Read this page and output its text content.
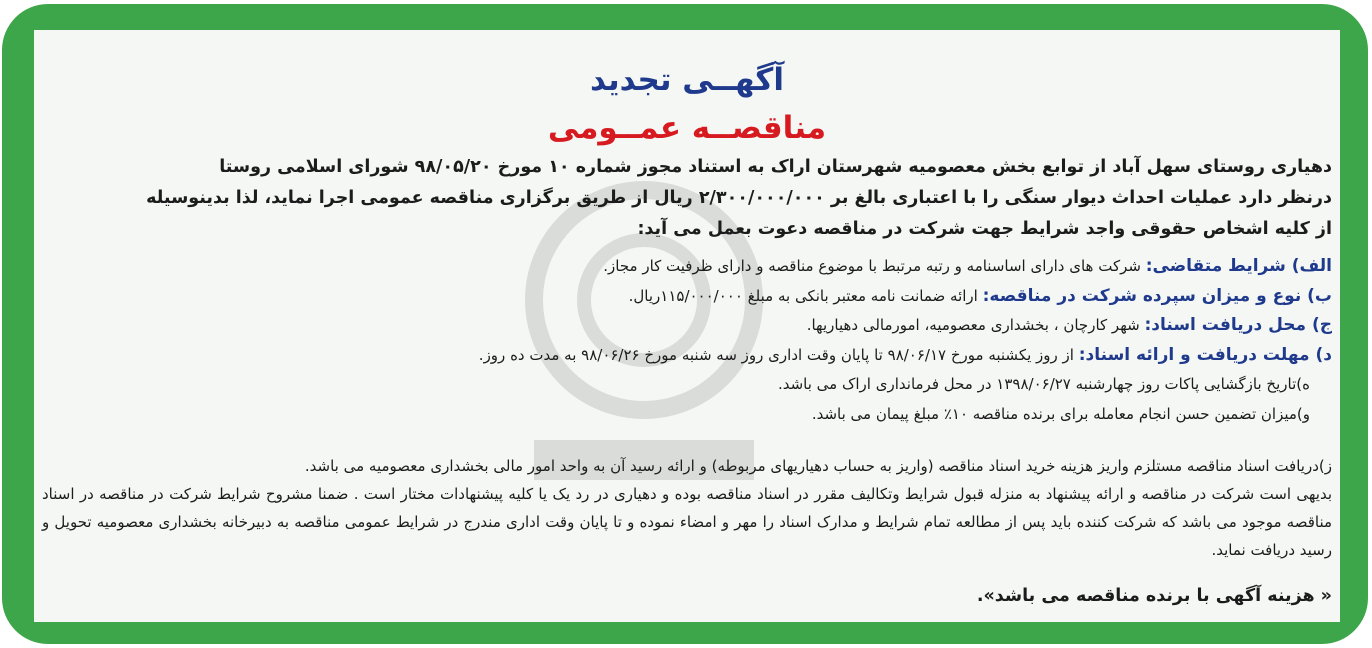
آگهــی تجدید
مناقصــه عمــومی
دهیاری روستای سهل آباد از توابع بخش معصومیه شهرستان اراک به استناد مجوز شماره ۱۰ مورخ ۹۸/۰۵/۲۰ شورای اسلامی روستا
درنظر دارد عملیات احداث دیوار سنگی را با اعتباری بالغ بر ۲/۳۰۰/۰۰۰/۰۰۰ ریال از طریق برگزاری مناقصه عمومی اجرا نماید، لذا بدینوسیله
از کلیه اشخاص حقوقی واجد شرایط جهت شرکت در مناقصه دعوت بعمل می آید:
الف) شرایط متقاضی: شرکت های دارای اساسنامه و رتبه مرتبط با موضوع مناقصه و دارای ظرفیت کار مجاز.
ب) نوع و میزان سپرده شرکت در مناقصه: ارائه ضمانت نامه معتبر بانکی به مبلغ ۱۱۵/۰۰۰/۰۰۰ریال.
ج) محل دریافت اسناد: شهر کارچان ، بخشداری معصومیه، امورمالی دهیاریها.
د) مهلت دریافت و ارائه اسناد: از روز یکشنبه مورخ ۹۸/۰۶/۱۷ تا پایان وقت اداری روز سه شنبه مورخ ۹۸/۰۶/۲۶ به مدت ده روز.
ه)تاریخ بازگشایی پاکات روز چهارشنبه ۱۳۹۸/۰۶/۲۷ در محل فرمانداری اراک می باشد.
و)میزان تضمین حسن انجام معامله برای برنده مناقصه ۱۰٪ مبلغ پیمان می باشد.

ز)دریافت اسناد مناقصه مستلزم واریز هزینه خرید اسناد مناقصه (واریز به حساب دهیاریهای مربوطه) و ارائه رسید آن به واحد امور مالی بخشداری معصومیه می باشد.

بدیهی است شرکت در مناقصه و ارائه پیشنهاد به منزله قبول شرایط وتکالیف مقرر در اسناد مناقصه بوده و دهیاری در رد یک یا کلیه پیشنهادات مختار است . ضمنا مشروح شرایط شرکت در مناقصه در اسناد مناقصه موجود می باشد که شرکت کننده باید پس از مطالعه تمام شرایط و مدارک اسناد را مهر و امضاء نموده و تا پایان وقت اداری مندرج در شرایط عمومی مناقصه به دبیرخانه بخشداری معصومیه تحویل و رسید دریافت نماید.

« هزینه آگهی با برنده مناقصه می باشد».
